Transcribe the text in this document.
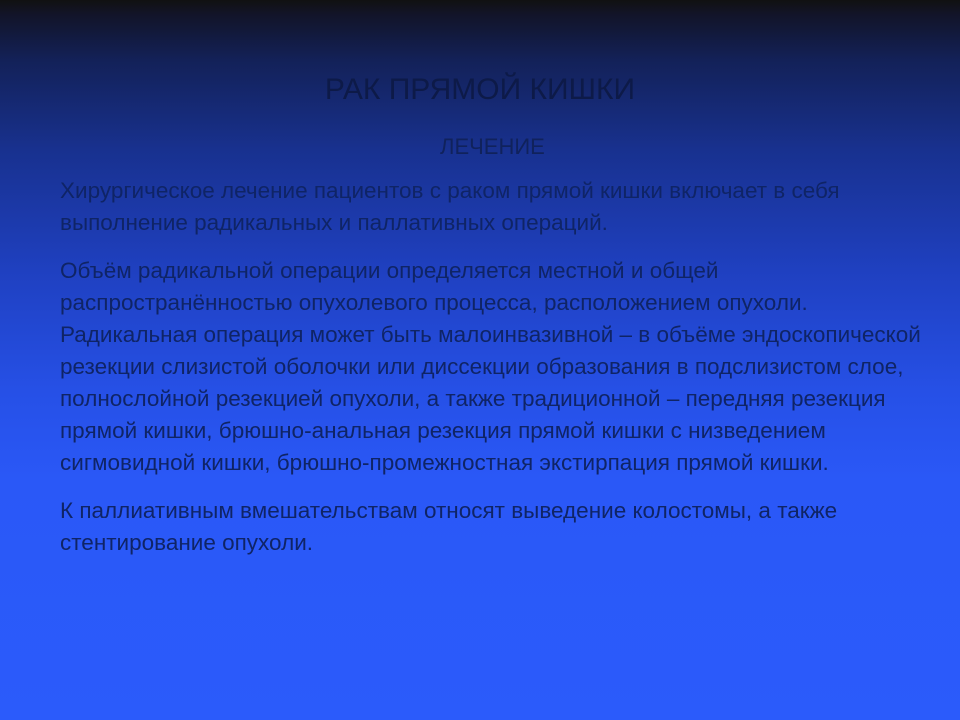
РАК ПРЯМОЙ КИШКИ
ЛЕЧЕНИЕ

Хирургическое лечение пациентов с раком прямой кишки включает в себя выполнение радикальных и паллативных операций.

Объём радикальной операции определяется местной и общей распространённостью опухолевого процесса, расположением опухоли. Радикальная операция может быть малоинвазивной – в объёме эндоскопической резекции слизистой оболочки или диссекции образования в подслизистом слое, полнослойной резекцией опухоли, а также традиционной – передняя резекция прямой кишки, брюшно-анальная резекция прямой кишки с низведением сигмовидной кишки, брюшно-промежностная экстирпация прямой кишки.

К паллиативным вмешательствам относят выведение колостомы, а также стентирование опухоли.
